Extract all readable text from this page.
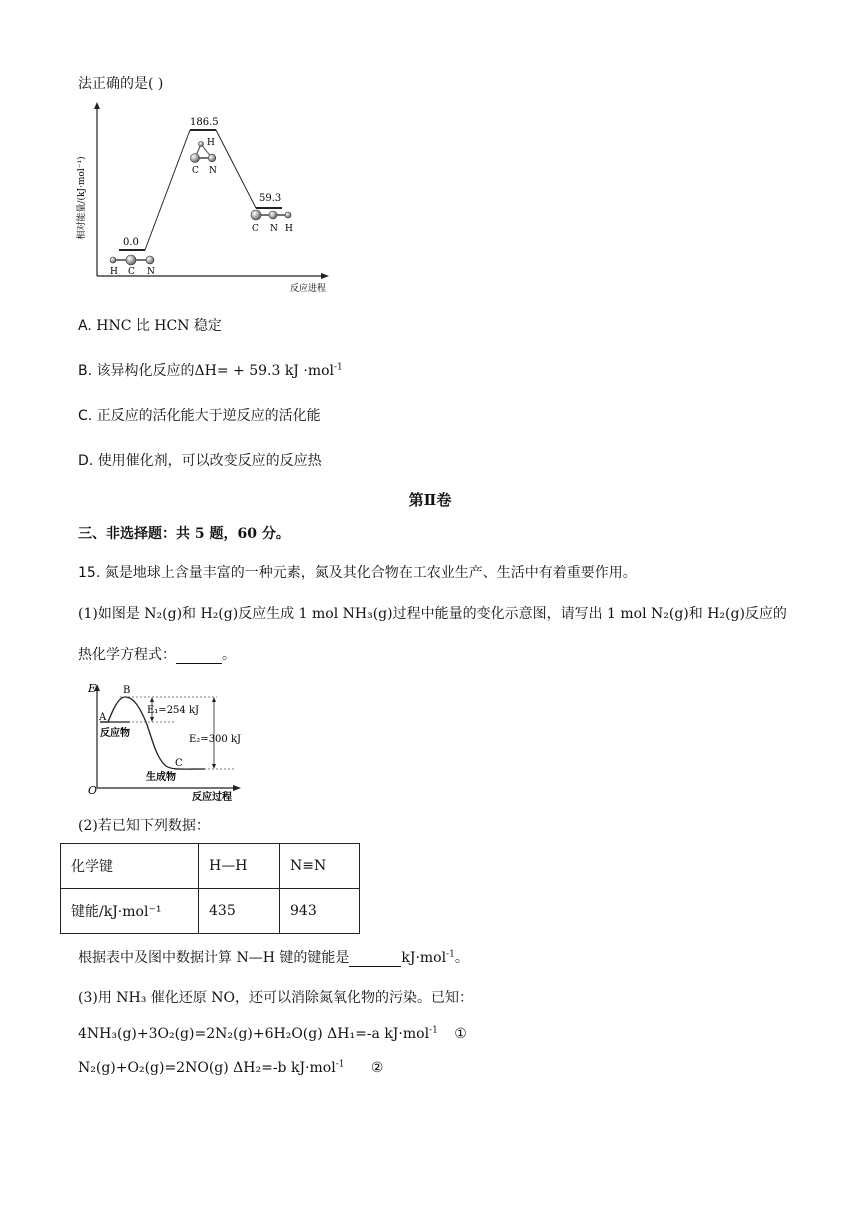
法正确的是( )
相对能量/(kJ·mol⁻¹)
反应进程
0.0
186.5
59.3
H C N
H
C N
C N H
A. HNC 比 HCN 稳定
B. 该异构化反应的ΔH= + 59.3 kJ ·mol$^{-1}$
C. 正反应的活化能大于逆反应的活化能
D. 使用催化剂，可以改变反应的反应热
第Ⅱ卷
三、非选择题：共 5 题，60 分。
15. 氮是地球上含量丰富的一种元素，氮及其化合物在工农业生产、生活中有着重要作用。
(1)如图是 N₂(g)和 H₂(g)反应生成 1 mol NH₃(g)过程中能量的变化示意图，请写出 1 mol N₂(g)和 H₂(g)反应的
热化学方程式：	。
E
O
反应过程
E₁=254 kJ
E₂=300 kJ
A
B
C
反应物
生成物
(2)若已知下列数据：
化学键	H—H	N≡N
键能/kJ·mol⁻¹	435	943
根据表中及图中数据计算 N—H 键的键能是	kJ·mol$^{-1}$。
(3)用 NH₃ 催化还原 NO，还可以消除氮氧化物的污染。已知：
4NH₃(g)+3O₂(g)=2N₂(g)+6H₂O(g) ΔH₁=-a kJ·mol$^{-1}$ ①
N₂(g)+O₂(g)=2NO(g) ΔH₂=-b kJ·mol$^{-1}$ ②
